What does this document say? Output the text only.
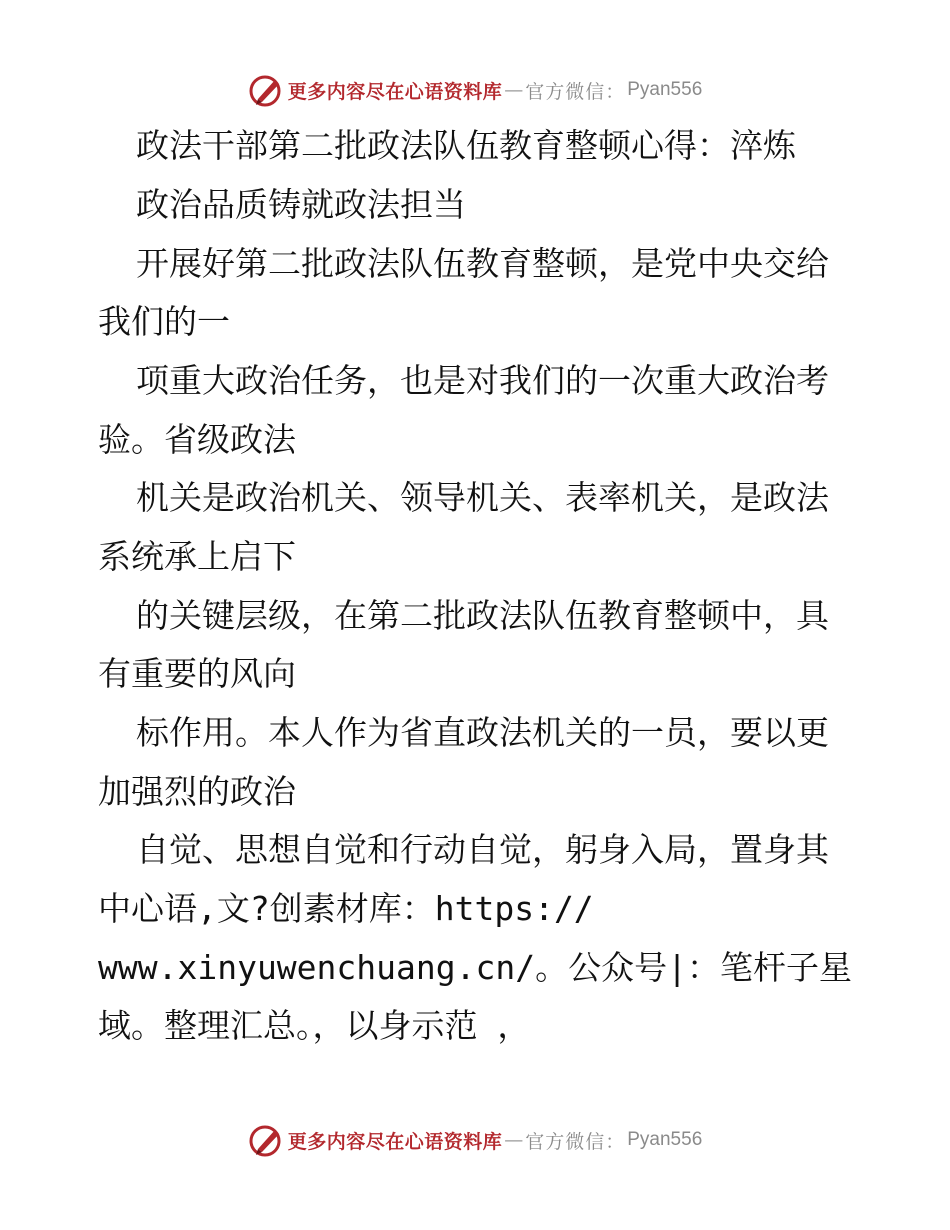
更多内容尽在心语资料库 — 官方微信： Pyan556
政法干部第二批政法队伍教育整顿心得：淬炼
政治品质铸就政法担当
开展好第二批政法队伍教育整顿，是党中央交给
我们的一
项重大政治任务，也是对我们的一次重大政治考
验。省级政法
机关是政治机关、领导机关、表率机关，是政法
系统承上启下
的关键层级，在第二批政法队伍教育整顿中，具
有重要的风向
标作用。本人作为省直政法机关的一员，要以更
加强烈的政治
自觉、思想自觉和行动自觉，躬身入局，置身其
中心语,文?创素材库：https://
www.xinyuwenchuang.cn/。公众号|：笔杆子星
域。整理汇总。，以身示范 ，
更多内容尽在心语资料库 — 官方微信： Pyan556
